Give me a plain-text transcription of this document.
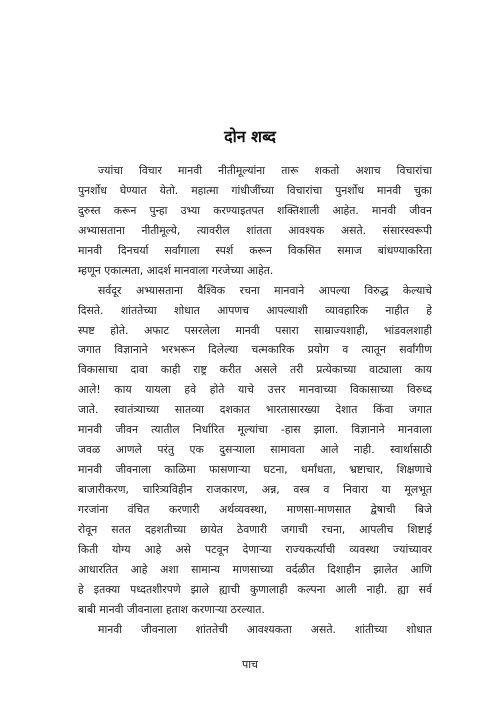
दोन शब्द
ज्यांचा विचार मानवी नीतीमूल्यांना तारू शकतो अशाच विचारांचा
पुनर्शोध घेण्यात येतो. महात्मा गांधीजींच्या विचारांचा पुनर्शोध मानवी चुका
दुरुस्त करून पुन्हा उभ्या करण्याइतपत शक्तिशाली आहेत. मानवी जीवन
अभ्यासताना नीतीमूल्ये, त्यावरील शांतता आवश्यक असते. संसारस्वरूपी
मानवी दिनचर्या सर्वांगाला स्पर्श करून विकसित समाज बांधण्याकरिता
म्हणून एकात्मता, आदर्श मानवाला गरजेच्या आहेत.
सर्वदूर अभ्यासताना वैश्विक रचना मानवाने आपल्या विरुद्ध केल्याचे
दिसते. शांततेच्या शोधात आपणच आपल्याशी व्यावहारिक नाहीत हे
स्पष्ट होते. अफाट पसरलेला मानवी पसारा साम्राज्यशाही, भांडवलशाही
जगात विज्ञानाने भरभरून दिलेल्या चत्मकारिक प्रयोग व त्यातून सर्वांगीण
विकासाचा दावा काही राष्ट्र करीत असले तरी प्रत्येकाच्या वाट्याला काय
आले! काय यायला हवे होते याचे उत्तर मानवाच्या विकासाच्या विरुध्द
जाते. स्वातंत्र्याच्या सातव्या दशकात भारतासारख्या देशात किंवा जगात
मानवी जीवन त्यातील निर्धारित मूल्यांचा -हास झाला. विज्ञानाने मानवाला
जवळ आणले परंतु एक दुसऱ्याला सामावता आले नाही. स्वार्थासाठी
मानवी जीवनाला काळिमा फासणाऱ्या घटना, धर्मांधता, भ्रष्टाचार, शिक्षणाचे
बाजारीकरण, चारित्र्यविहीन राजकारण, अन्न, वस्त्र व निवारा या मूलभूत
गरजांना वंचित करणारी अर्थव्यवस्था, माणसा-माणसात द्वेषाची बिजे
रोवून सतत दहशतीच्या छायेत ठेवणारी जगाची रचना, आपलीच शिष्टाई
किती योग्य आहे असे पटवून देणाऱ्या राज्यकर्त्यांची व्यवस्था ज्यांच्यावर
आधारतित आहे अशा सामान्य माणसाच्या वर्दळीत दिशाहीन झालेत आणि
हे इतक्या पध्दतशीरपणे झाले ह्याची कुणालाही कल्पना आली नाही. ह्या सर्व
बाबी मानवी जीवनाला हताश करणाऱ्या ठरल्यात.
मानवी जीवनाला शांततेची आवश्यकता असते. शांतीच्या शोधात
पाच
